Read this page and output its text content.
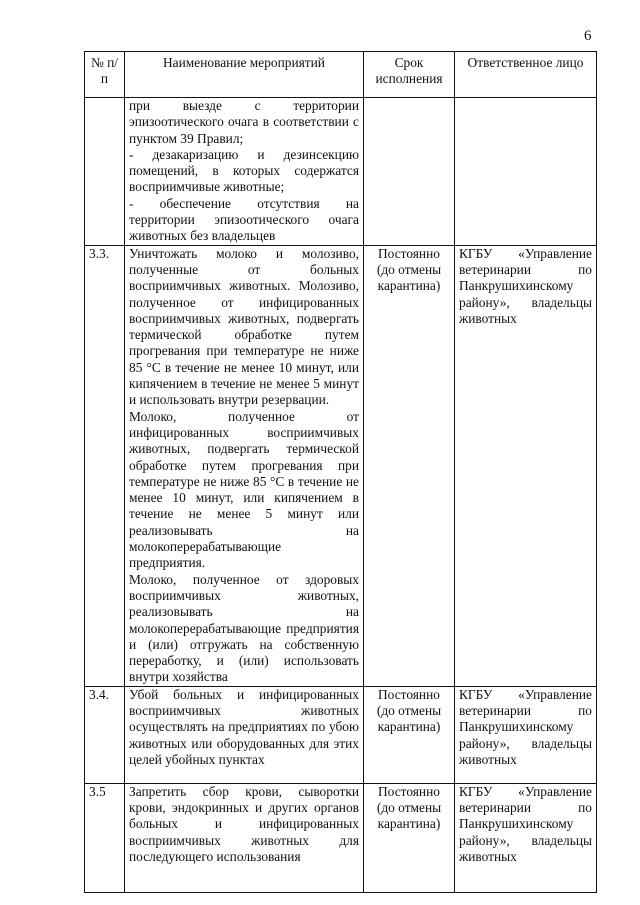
6
№ п/п	Наименование мероприятий	Срок исполнения	Ответственное лицо

	при выезде с территории эпизоотического очага в соответствии с пунктом 39 Правил;
- дезакаризацию и дезинсекцию помещений, в которых содержатся восприимчивые животные;
- обеспечение отсутствия на территории эпизоотического очага животных без владельцев		

3.3.	Уничтожать молоко и молозиво, полученные от больных восприимчивых животных. Молозиво, полученное от инфицированных восприимчивых животных, подвергать термической обработке путем прогревания при температуре не ниже 85 °С в течение не менее 10 минут, или кипячением в течение не менее 5 минут и использовать внутри резервации.
Молоко, полученное от инфицированных восприимчивых животных, подвергать термической обработке путем прогревания при температуре не ниже 85 °С в течение не менее 10 минут, или кипячением в течение не менее 5 минут или реализовывать на молокоперерабатывающие предприятия.
Молоко, полученное от здоровых восприимчивых животных, реализовывать на молокоперерабатывающие предприятия и (или) отгружать на собственную переработку, и (или) использовать внутри хозяйства	Постоянно (до отмены карантина)	КГБУ «Управление ветеринарии по Панкрушихинскому району», владельцы животных
3.4.	Убой больных и инфицированных восприимчивых животных осуществлять на предприятиях по убою животных или оборудованных для этих целей убойных пунктах	Постоянно (до отмены карантина)	КГБУ «Управление ветеринарии по Панкрушихинскому району», владельцы животных
3.5	Запретить сбор крови, сыворотки крови, эндокринных и других органов больных и инфицированных восприимчивых животных для последующего использования	Постоянно (до отмены карантина)	КГБУ «Управление ветеринарии по Панкрушихинскому району», владельцы животных
